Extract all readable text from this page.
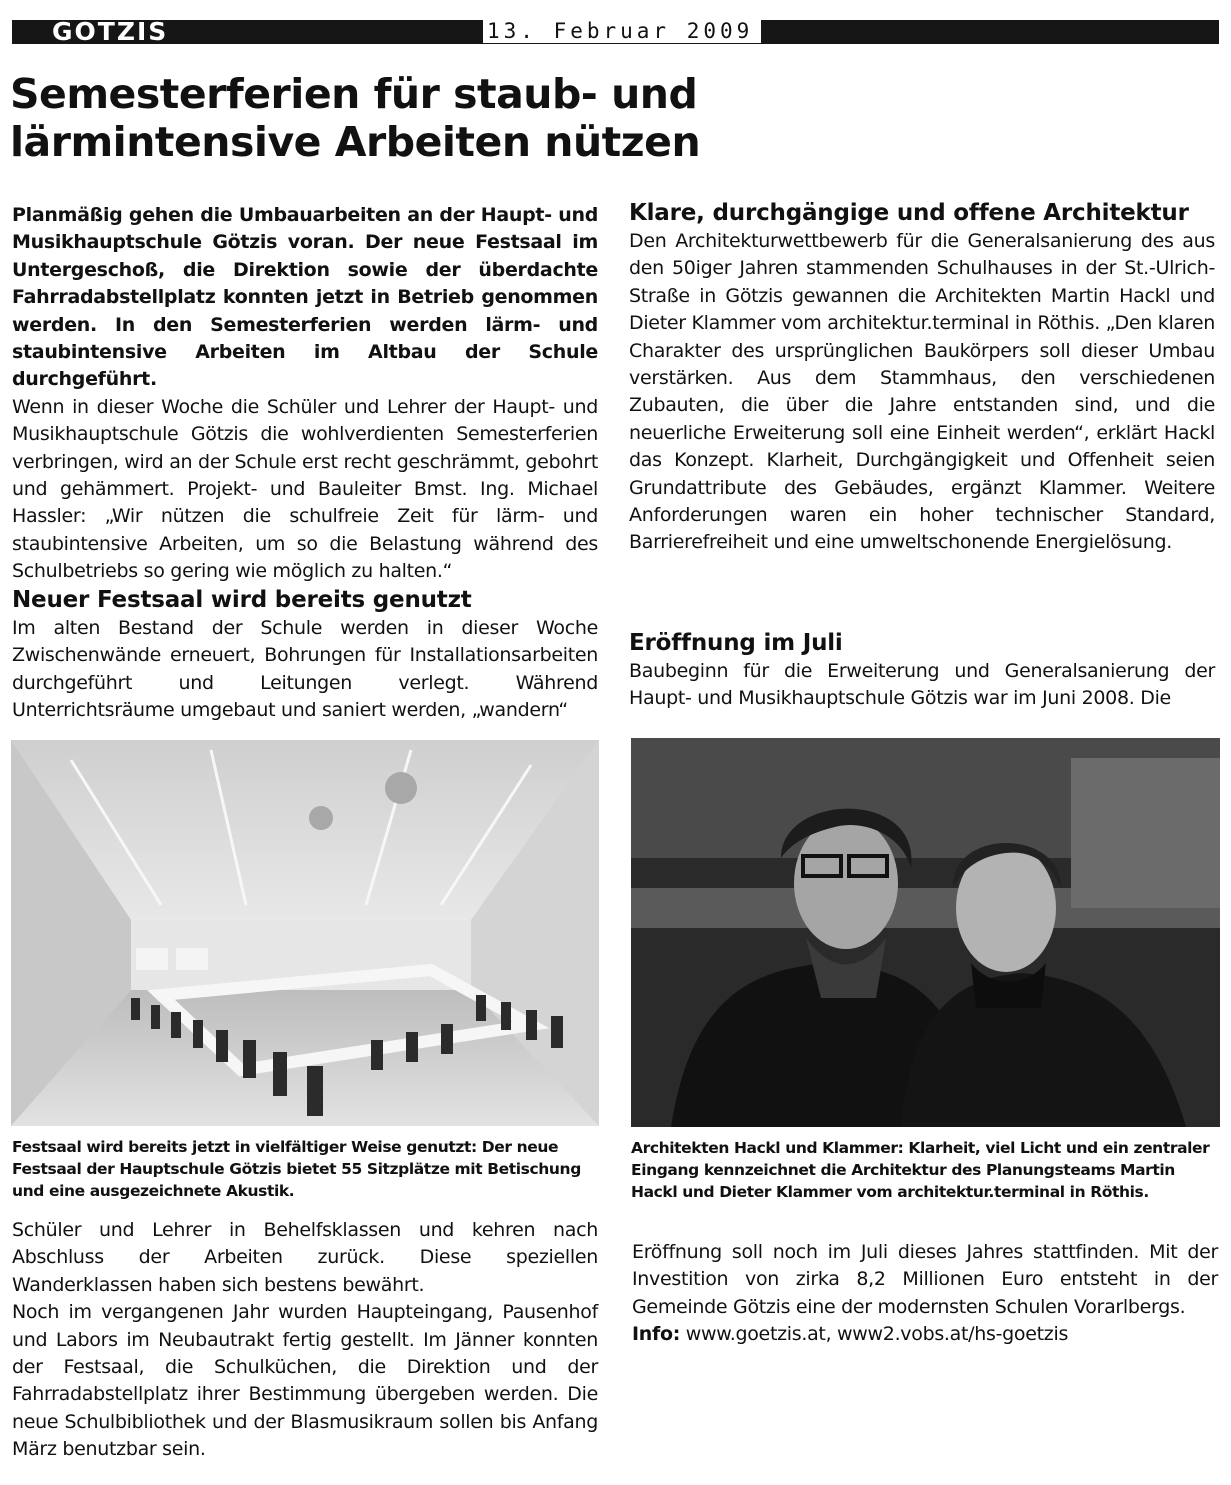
GÖTZIS	13. Februar 2009
Semesterferien für staub- und lärmintensive Arbeiten nützen

Planmäßig gehen die Umbauarbeiten an der Haupt- und Musikhauptschule Götzis voran. Der neue Festsaal im Untergeschoß, die Direktion sowie der überdachte Fahrradabstellplatz konnten jetzt in Betrieb genommen werden. In den Semesterferien werden lärm- und staubintensive Arbeiten im Altbau der Schule durchgeführt.

Wenn in dieser Woche die Schüler und Lehrer der Haupt- und Musikhauptschule Götzis die wohlverdienten Semesterferien verbringen, wird an der Schule erst recht geschrämmt, gebohrt und gehämmert. Projekt- und Bauleiter Bmst. Ing. Michael Hassler: „Wir nützen die schulfreie Zeit für lärm- und staubintensive Arbeiten, um so die Belastung während des Schulbetriebs so gering wie möglich zu halten.“

Neuer Festsaal wird bereits genutzt

Im alten Bestand der Schule werden in dieser Woche Zwischenwände erneuert, Bohrungen für Installationsarbeiten durchgeführt und Leitungen verlegt. Während Unterrichtsräume umgebaut und saniert werden, „wandern“

Festsaal wird bereits jetzt in vielfältiger Weise genutzt: Der neue Festsaal der Hauptschule Götzis bietet 55 Sitzplätze mit Betischung und eine ausgezeichnete Akustik.

Schüler und Lehrer in Behelfsklassen und kehren nach Abschluss der Arbeiten zurück. Diese speziellen Wanderklassen haben sich bestens bewährt.

Noch im vergangenen Jahr wurden Haupteingang, Pausenhof und Labors im Neubautrakt fertig gestellt. Im Jänner konnten der Festsaal, die Schulküchen, die Direktion und der Fahrradabstellplatz ihrer Bestimmung übergeben werden. Die neue Schulbibliothek und der Blasmusikraum sollen bis Anfang März benutzbar sein.

Klare, durchgängige und offene Architektur

Den Architekturwettbewerb für die Generalsanierung des aus den 50iger Jahren stammenden Schulhauses in der St.-Ulrich-Straße in Götzis gewannen die Architekten Martin Hackl und Dieter Klammer vom architektur.terminal in Röthis. „Den klaren Charakter des ursprünglichen Baukörpers soll dieser Umbau verstärken. Aus dem Stammhaus, den verschiedenen Zubauten, die über die Jahre entstanden sind, und die neuerliche Erweiterung soll eine Einheit werden“, erklärt Hackl das Konzept. Klarheit, Durchgängigkeit und Offenheit seien Grundattribute des Gebäudes, ergänzt Klammer. Weitere Anforderungen waren ein hoher technischer Standard, Barrierefreiheit und eine umweltschonende Energielösung.

Eröffnung im Juli

Baubeginn für die Erweiterung und Generalsanierung der Haupt- und Musikhauptschule Götzis war im Juni 2008. Die

Architekten Hackl und Klammer: Klarheit, viel Licht und ein zentraler Eingang kennzeichnet die Architektur des Planungsteams Martin Hackl und Dieter Klammer vom architektur.terminal in Röthis.

Eröffnung soll noch im Juli dieses Jahres stattfinden. Mit der Investition von zirka 8,2 Millionen Euro entsteht in der Gemeinde Götzis eine der modernsten Schulen Vorarlbergs.

Info: www.goetzis.at, www2.vobs.at/hs-goetzis
